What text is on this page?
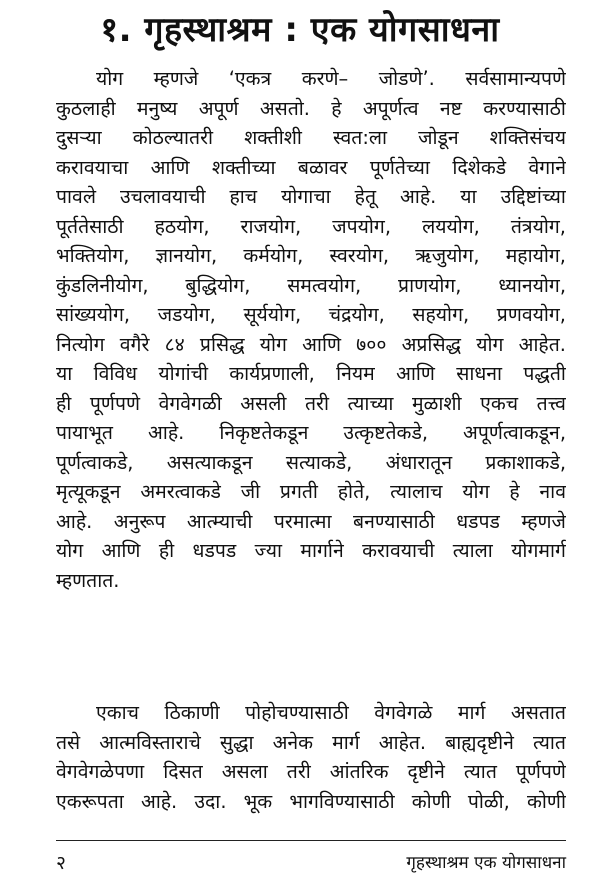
१. गृहस्थाश्रम : एक योगसाधना
योग म्हणजे ‘एकत्र करणे– जोडणे’. सर्वसामान्यपणे
कुठलाही मनुष्य अपूर्ण असतो. हे अपूर्णत्व नष्ट करण्यासाठी
दुसऱ्या कोठल्यातरी शक्तीशी स्वत:ला जोडून शक्तिसंचय
करावयाचा आणि शक्तीच्या बळावर पूर्णतेच्या दिशेकडे वेगाने
पावले उचलावयाची हाच योगाचा हेतू आहे. या उद्दिष्टांच्या
पूर्ततेसाठी हठयोग, राजयोग, जपयोग, लययोग, तंत्रयोग,
भक्तियोग, ज्ञानयोग, कर्मयोग, स्वरयोग, ऋजुयोग, महायोग,
कुंडलिनीयोग, बुद्धियोग, समत्वयोग, प्राणयोग, ध्यानयोग,
सांख्ययोग, जडयोग, सूर्ययोग, चंद्रयोग, सहयोग, प्रणवयोग,
नित्योग वगैरे ८४ प्रसिद्ध योग आणि ७०० अप्रसिद्ध योग आहेत.
या विविध योगांची कार्यप्रणाली, नियम आणि साधना पद्धती
ही पूर्णपणे वेगवेगळी असली तरी त्याच्या मुळाशी एकच तत्त्व
पायाभूत आहे. निकृष्टतेकडून उत्कृष्टतेकडे, अपूर्णत्वाकडून,
पूर्णत्वाकडे, असत्याकडून सत्याकडे, अंधारातून प्रकाशाकडे,
मृत्यूकडून अमरत्वाकडे जी प्रगती होते, त्यालाच योग हे नाव
आहे. अनुरूप आत्म्याची परमात्मा बनण्यासाठी धडपड म्हणजे
योग आणि ही धडपड ज्या मार्गाने करावयाची त्याला योगमार्ग
म्हणतात.
एकाच ठिकाणी पोहोचण्यासाठी वेगवेगळे मार्ग असतात
तसे आत्मविस्ताराचे सुद्धा अनेक मार्ग आहेत. बाह्यदृष्टीने त्यात
वेगवेगळेपणा दिसत असला तरी आंतरिक दृष्टीने त्यात पूर्णपणे
एकरूपता आहे. उदा. भूक भागविण्यासाठी कोणी पोळी, कोणी
२	गृहस्थाश्रम एक योगसाधना
